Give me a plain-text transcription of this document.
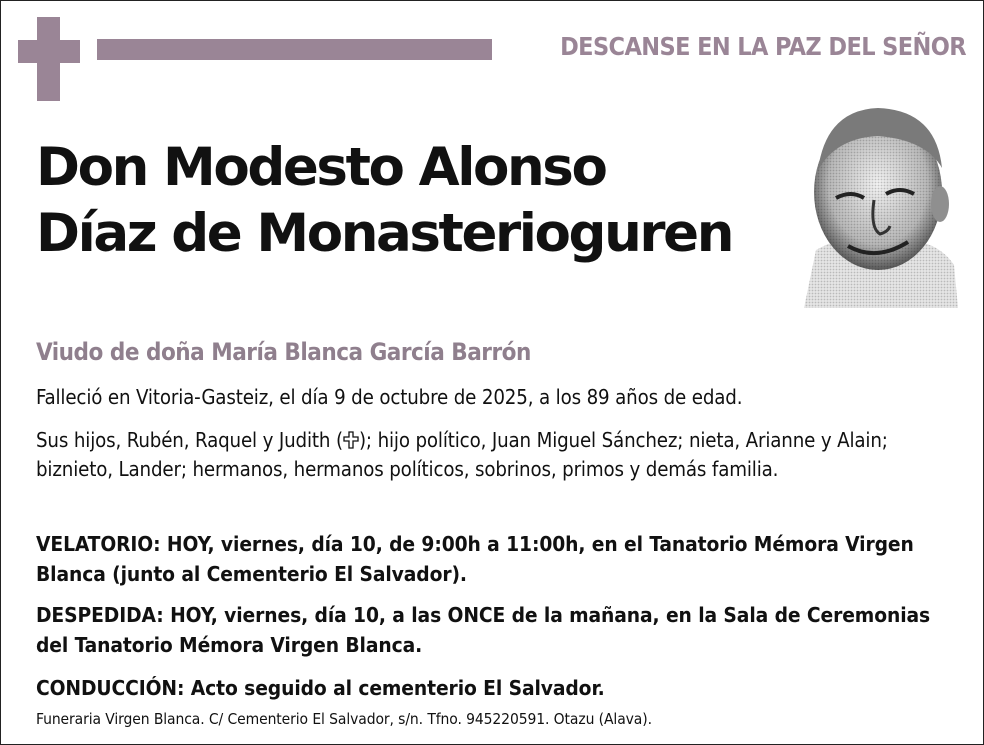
DESCANSE EN LA PAZ DEL SEÑOR
Don Modesto Alonso
Díaz de Monasterioguren
Viudo de doña María Blanca García Barrón
Falleció en Vitoria-Gasteiz, el día 9 de octubre de 2025, a los 89 años de edad.
Sus hijos, Rubén, Raquel y Judith ( ); hijo político, Juan Miguel Sánchez; nieta, Arianne y Alain; biznieto, Lander; hermanos, hermanos políticos, sobrinos, primos y demás familia.
VELATORIO: HOY, viernes, día 10, de 9:00h a 11:00h, en el Tanatorio Mémora Virgen Blanca (junto al Cementerio El Salvador).
DESPEDIDA: HOY, viernes, día 10, a las ONCE de la mañana, en la Sala de Ceremonias del Tanatorio Mémora Virgen Blanca.
CONDUCCIÓN: Acto seguido al cementerio El Salvador.
Funeraria Virgen Blanca. C/ Cementerio El Salvador, s/n. Tfno. 945220591. Otazu (Alava).
